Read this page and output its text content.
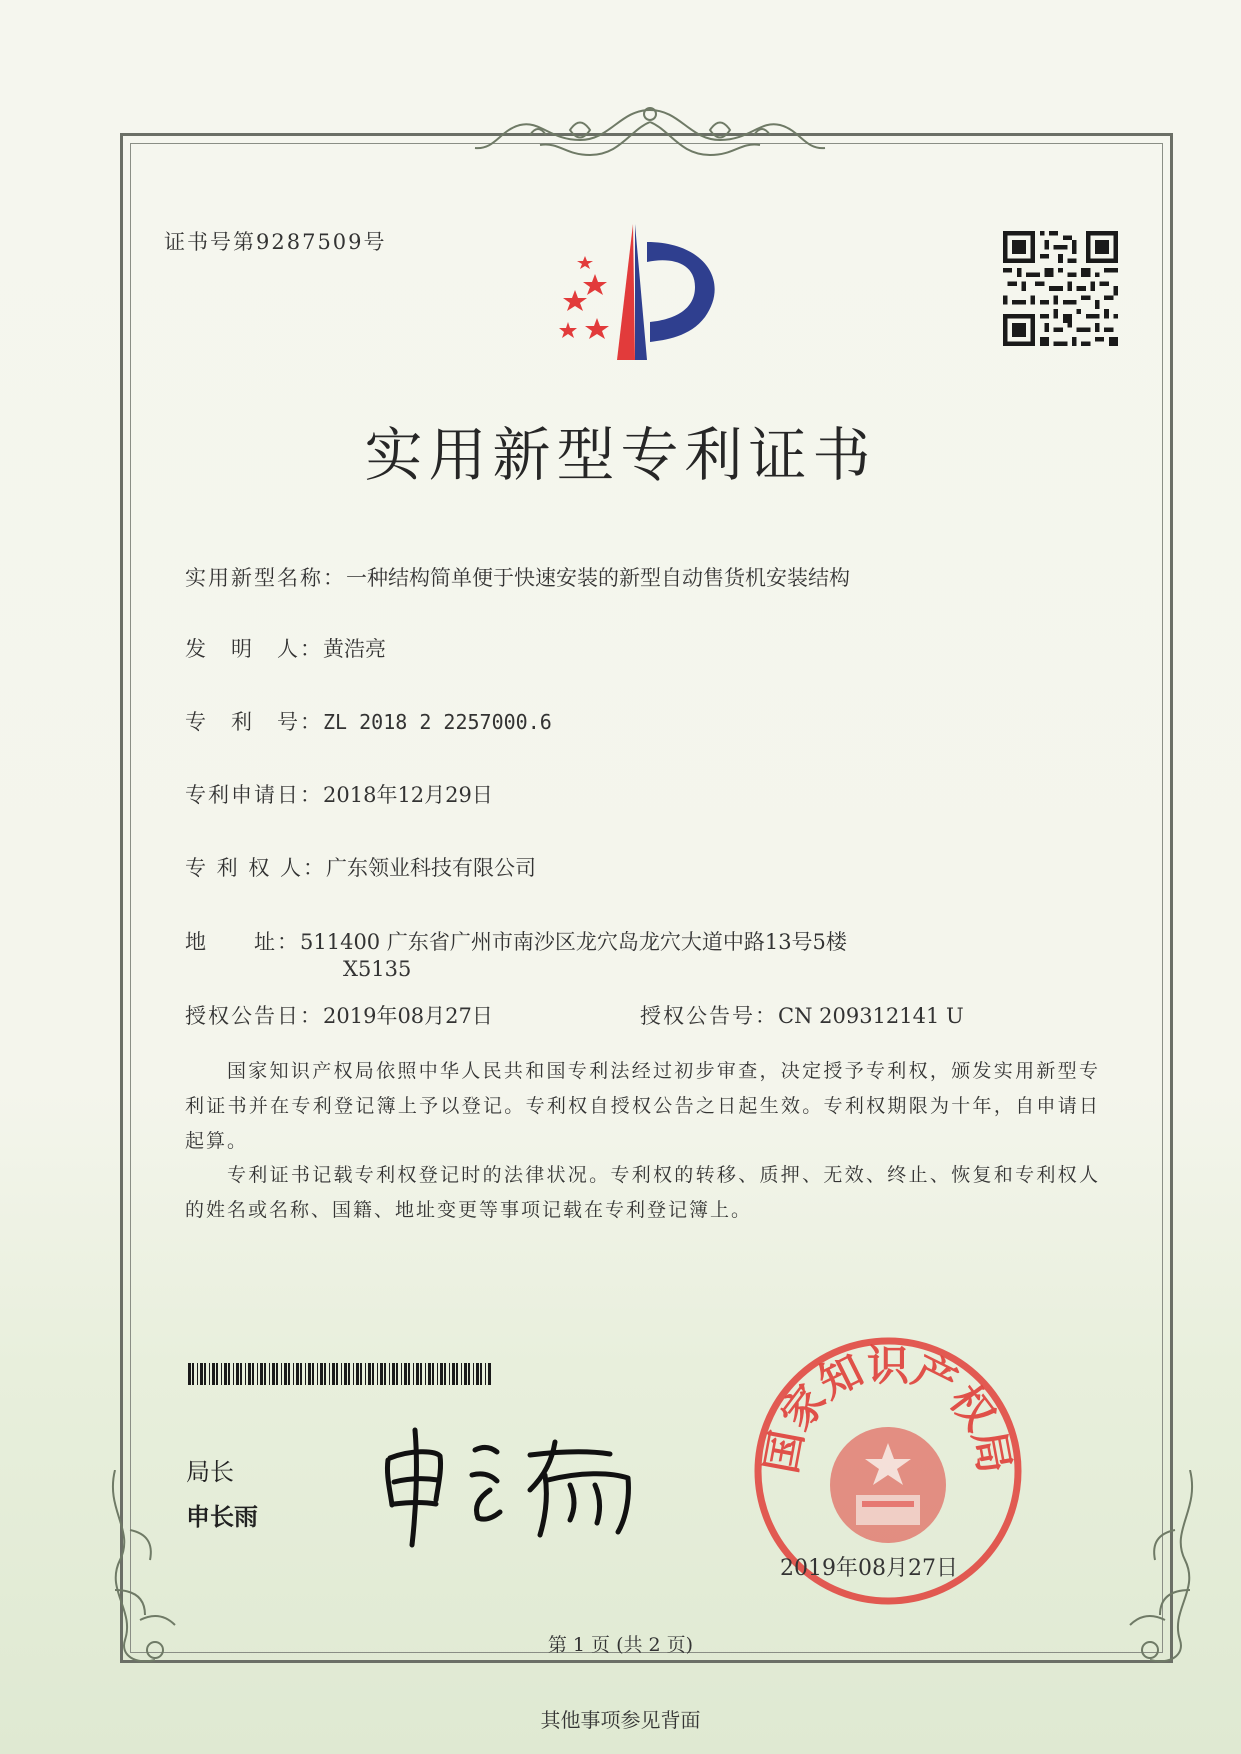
证书号第9287509号
实用新型专利证书
实用新型名称：一种结构简单便于快速安装的新型自动售货机安装结构
发　明　人：黄浩亮
专　利　号：ZL 2018 2 2257000.6
专利申请日：2018年12月29日
专 利 权 人：广东领业科技有限公司
地　　址：511400 广东省广州市南沙区龙穴岛龙穴大道中路13号5楼
X5135
授权公告日：2019年08月27日	授权公告号：CN 209312141 U
国家知识产权局依照中华人民共和国专利法经过初步审查，决定授予专利权，颁发实用新型专利证书并在专利登记簿上予以登记。专利权自授权公告之日起生效。专利权期限为十年，自申请日起算。
专利证书记载专利权登记时的法律状况。专利权的转移、质押、无效、终止、恢复和专利权人的姓名或名称、国籍、地址变更等事项记载在专利登记簿上。
局长
申长雨
国家知识产权局
2019年08月27日
第 1 页 (共 2 页)
其他事项参见背面
